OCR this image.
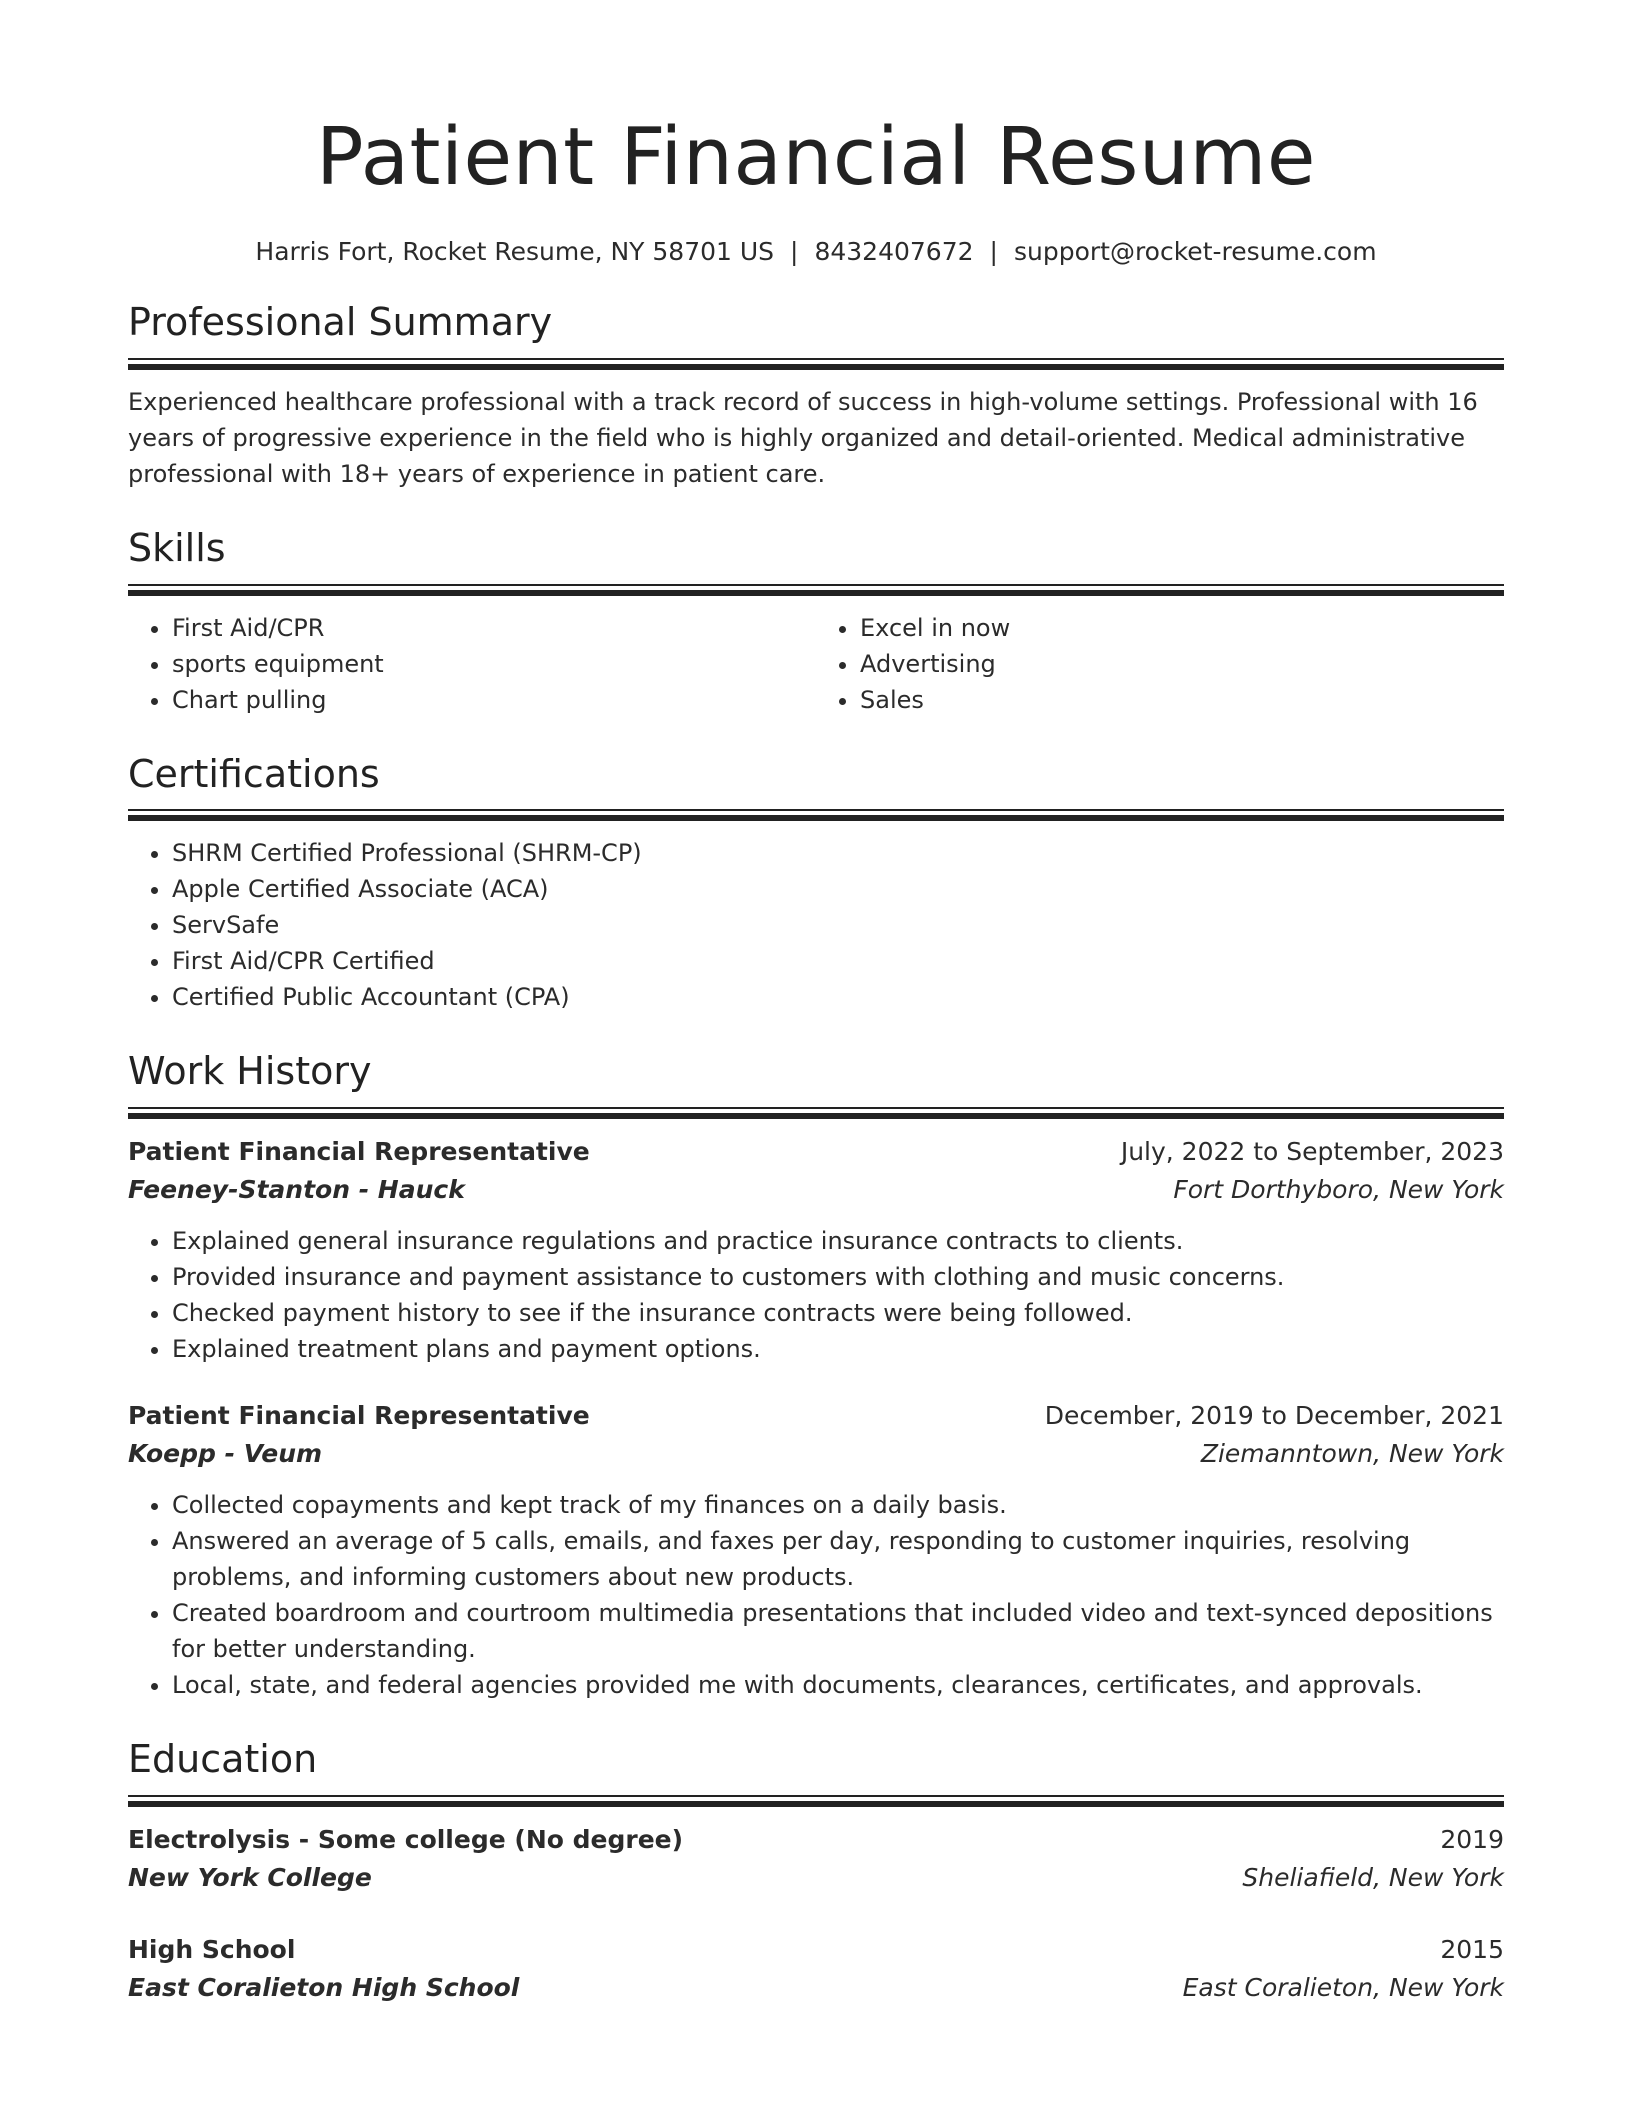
Patient Financial Resume
Harris Fort, Rocket Resume, NY 58701 US | 8432407672 | support@rocket-resume.com
Professional Summary

Experienced healthcare professional with a track record of success in high-volume settings. Professional with 16 years of progressive experience in the field who is highly organized and detail-oriented. Medical administrative professional with 18+ years of experience in patient care.

Skills
• First Aid/CPR
• sports equipment
• Chart pulling
• Excel in now
• Advertising
• Sales
Certifications
• SHRM Certified Professional (SHRM-CP)
• Apple Certified Associate (ACA)
• ServSafe
• First Aid/CPR Certified
• Certified Public Accountant (CPA)
Work History
Patient Financial Representative	July, 2022 to September, 2023
Feeney-Stanton - Hauck	Fort Dorthyboro, New York
• Explained general insurance regulations and practice insurance contracts to clients.
• Provided insurance and payment assistance to customers with clothing and music concerns.
• Checked payment history to see if the insurance contracts were being followed.
• Explained treatment plans and payment options.
Patient Financial Representative	December, 2019 to December, 2021
Koepp - Veum	Ziemanntown, New York
• Collected copayments and kept track of my finances on a daily basis.
• Answered an average of 5 calls, emails, and faxes per day, responding to customer inquiries, resolving problems, and informing customers about new products.
• Created boardroom and courtroom multimedia presentations that included video and text-synced depositions for better understanding.
• Local, state, and federal agencies provided me with documents, clearances, certificates, and approvals.
Education
Electrolysis - Some college (No degree)	2019
New York College	Sheliafield, New York
High School	2015
East Coralieton High School	East Coralieton, New York
